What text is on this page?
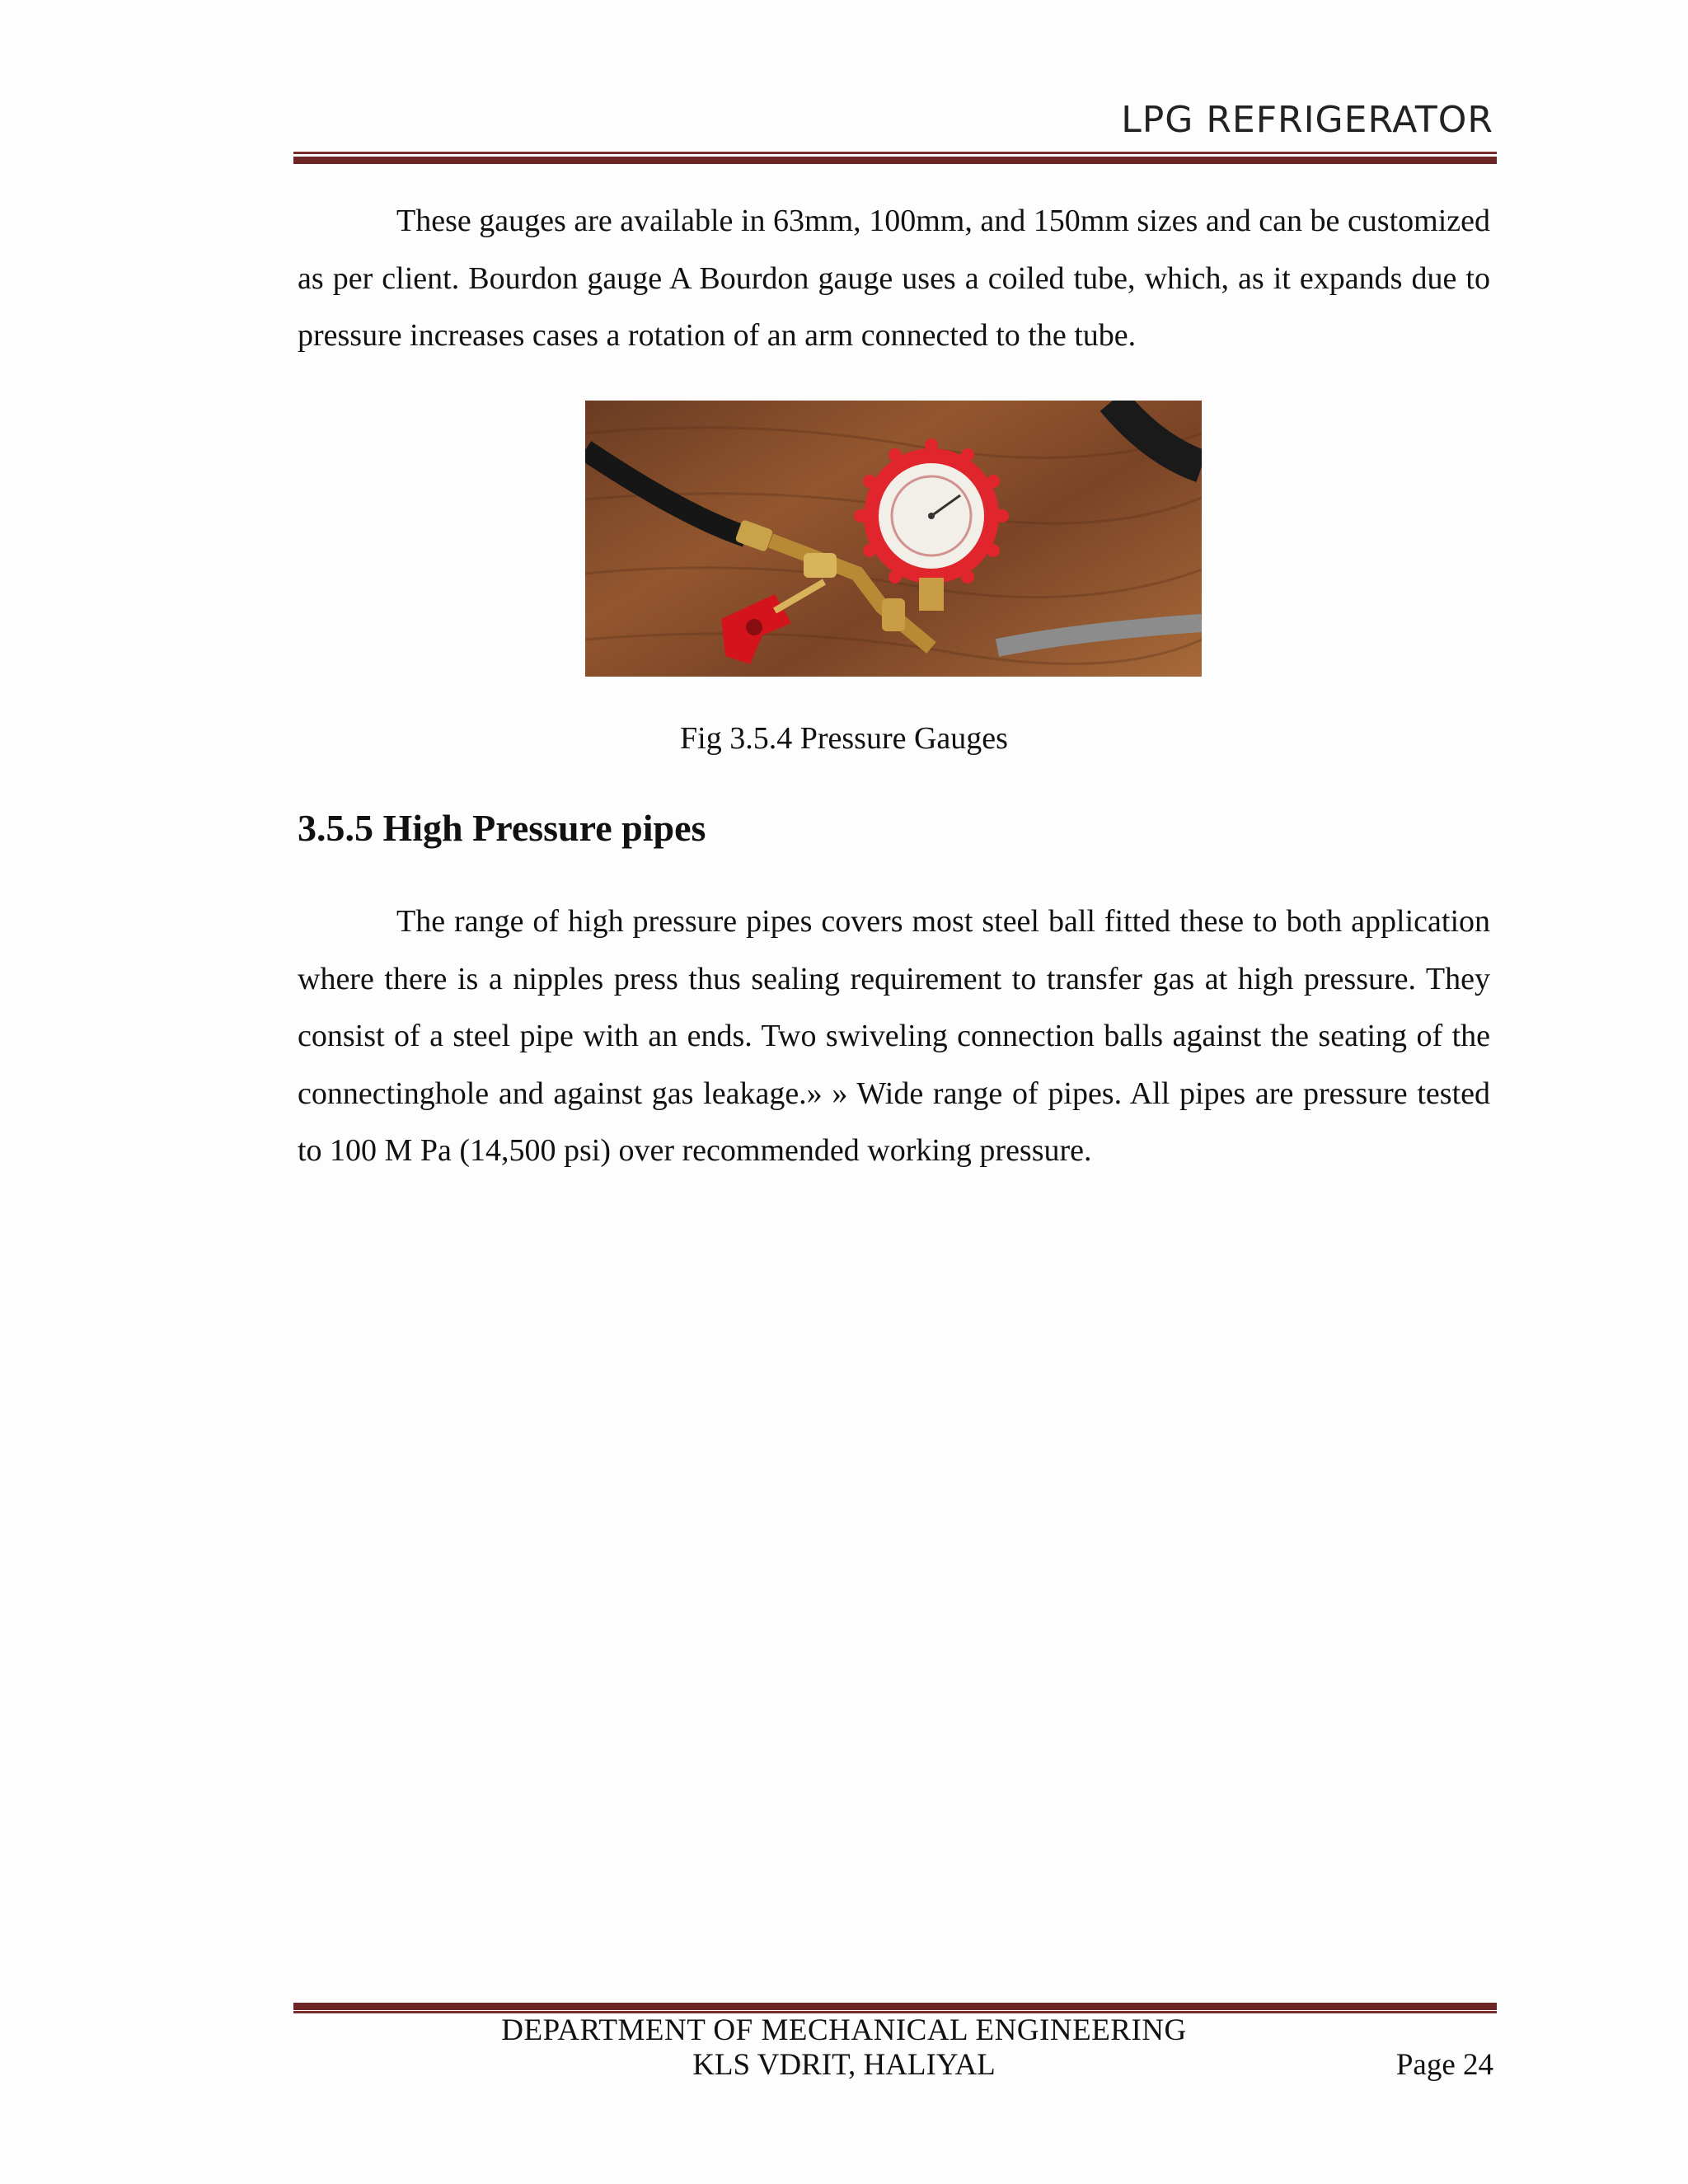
LPG REFRIGERATOR

These gauges are available in 63mm, 100mm, and 150mm sizes and can be customized as per client. Bourdon gauge A Bourdon gauge uses a coiled tube, which, as it expands due to pressure increases cases a rotation of an arm connected to the tube.

Fig 3.5.4 Pressure Gauges
3.5.5 High Pressure pipes

The range of high pressure pipes covers most steel ball fitted these to both application where there is a nipples press thus sealing requirement to transfer gas at high pressure. They consist of a steel pipe with an ends. Two swiveling connection balls against the seating of the connectinghole and against gas leakage.» » Wide range of pipes. All pipes are pressure tested to 100 M Pa (14,500 psi) over recommended working pressure.

DEPARTMENT OF MECHANICAL ENGINEERING
KLS VDRIT, HALIYAL	Page 24
